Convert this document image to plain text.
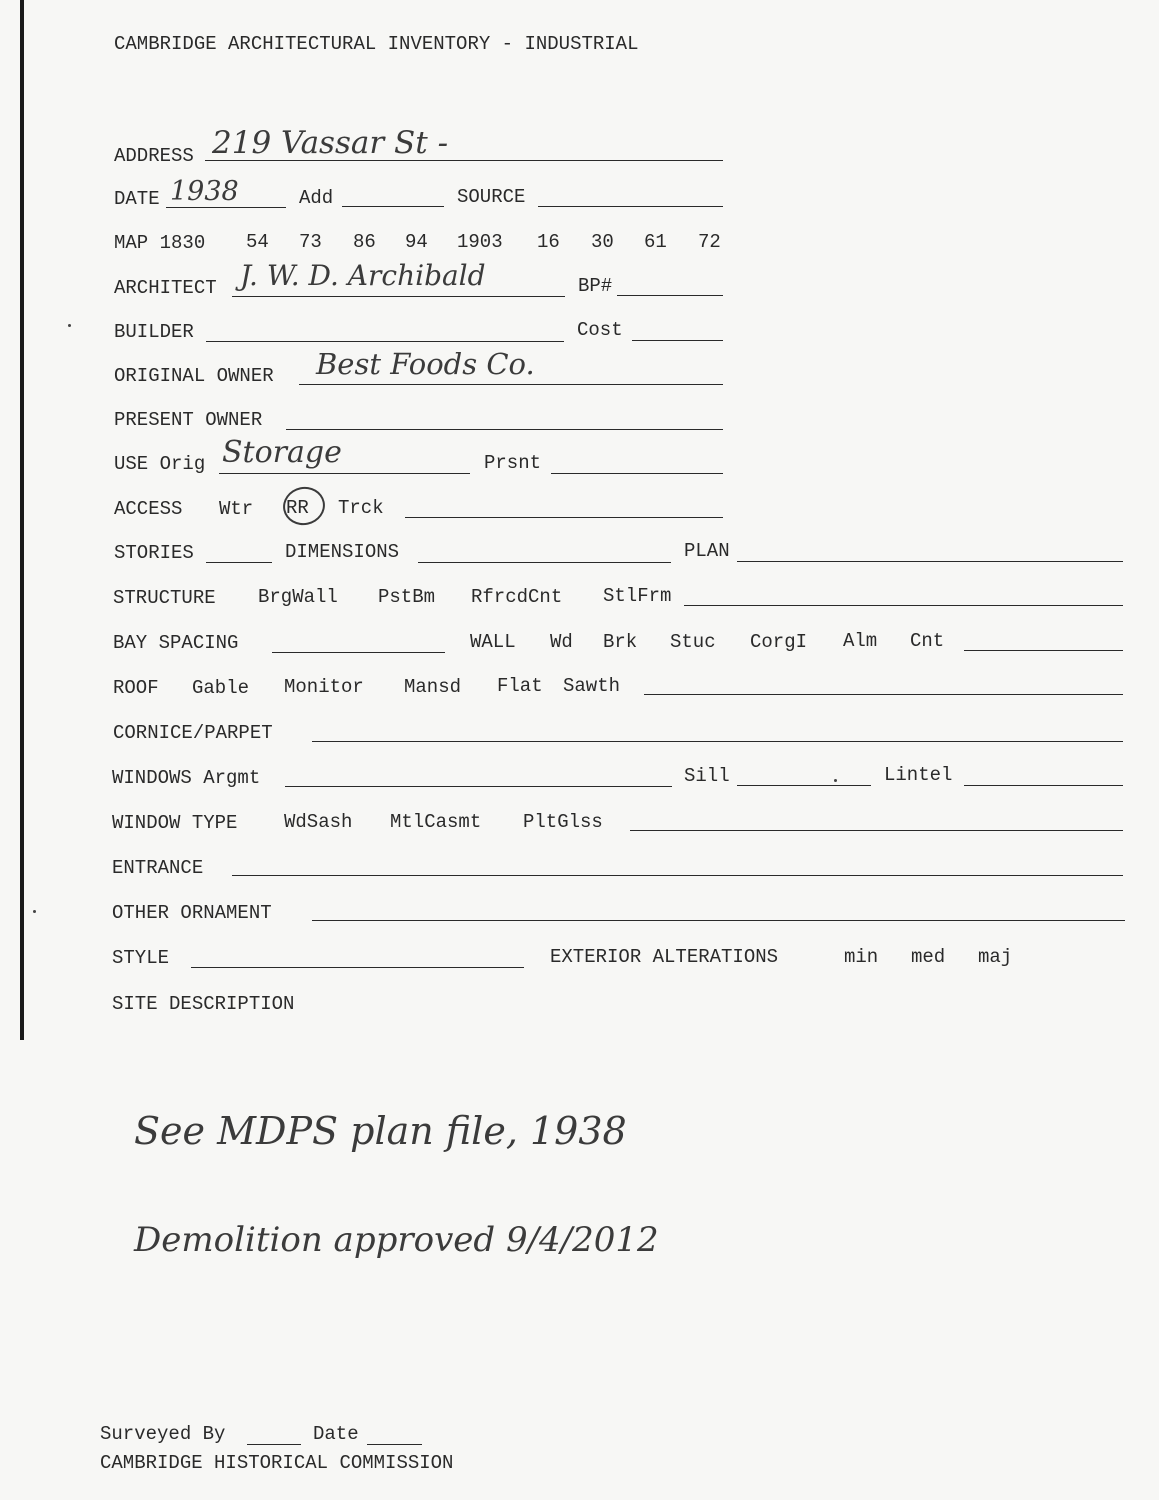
CAMBRIDGE ARCHITECTURAL INVENTORY - INDUSTRIAL
ADDRESS 219 Vassar St -
DATE 1938	Add	SOURCE
MAP 1830 54 73 86 94 1903 16 30 61 72
ARCHITECT J. W. D. Archibald	BP#
BUILDER	Cost
ORIGINAL OWNER Best Foods Co.
PRESENT OWNER
USE Orig Storage	Prsnt
ACCESS Wtr RR Trck
STORIES	DIMENSIONS	PLAN
STRUCTURE BrgWall PstBm RfrcdCnt StlFrm
BAY SPACING	WALL Wd Brk Stuc CorgI Alm Cnt
ROOF Gable Monitor Mansd Flat Sawth
CORNICE/PARPET
WINDOWS Argmt	Sill	Lintel
WINDOW TYPE WdSash MtlCasmt PltGlss
ENTRANCE
OTHER ORNAMENT
STYLE	EXTERIOR ALTERATIONS	min med maj
SITE DESCRIPTION
See MDPS plan file, 1938
Demolition approved 9/4/2012
Surveyed By	Date
CAMBRIDGE HISTORICAL COMMISSION
